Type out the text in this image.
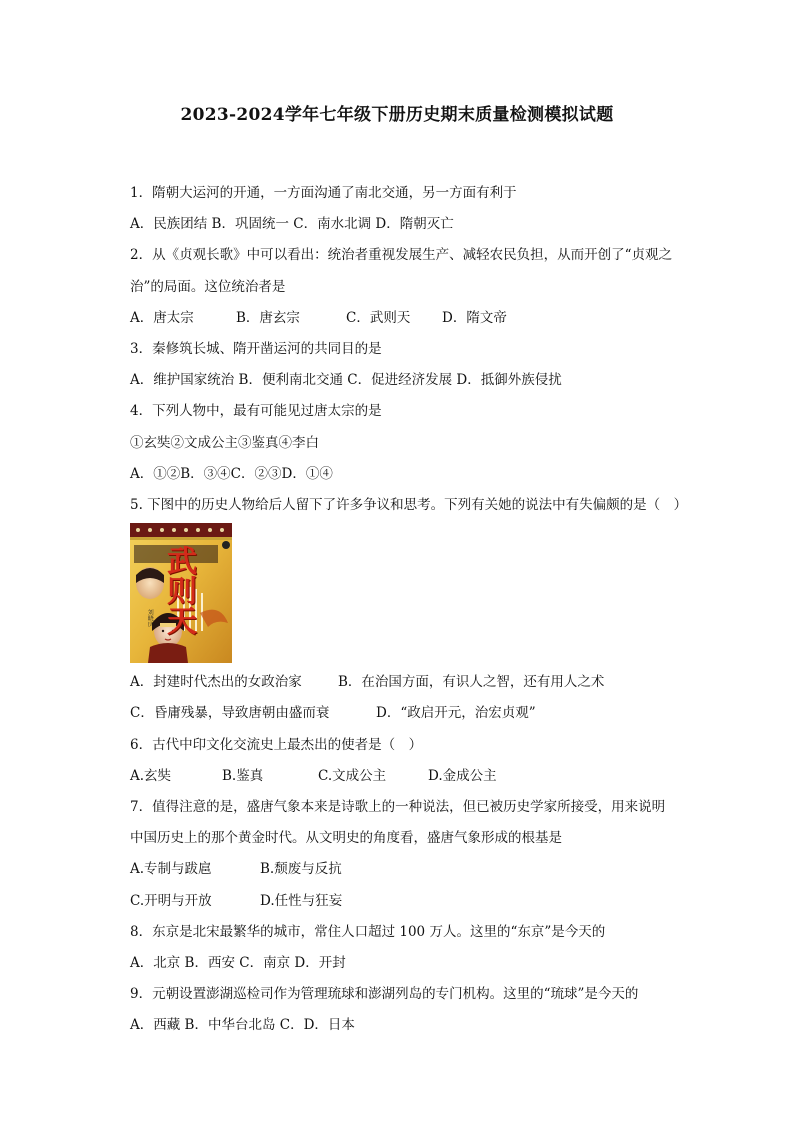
2023-2024学年七年级下册历史期末质量检测模拟试题
1．隋朝大运河的开通，一方面沟通了南北交通，另一方面有利于
A．民族团结 B．巩固统一 C．南水北调 D．隋朝灭亡
2．从《贞观长歌》中可以看出：统治者重视发展生产、减轻农民负担，从而开创了“贞观之
治”的局面。这位统治者是
A．唐太宗	B．唐玄宗	C．武则天 D．隋文帝
3．秦修筑长城、隋开凿运河的共同目的是
A．维护国家统治 B．便利南北交通 C．促进经济发展 D．抵御外族侵扰
4．下列人物中，最有可能见过唐太宗的是
①玄奘②文成公主③鉴真④李白
A．①②B．③④C．②③D．①④
5. 下图中的历史人物给后人留下了许多争议和思考。下列有关她的说法中有失偏颇的是（　）
武则天
刘晓庆
A．封建时代杰出的女政治家	B．在治国方面，有识人之智，还有用人之术
C．昏庸残暴，导致唐朝由盛而衰	D．“政启开元，治宏贞观”
6．古代中印文化交流史上最杰出的使者是（　）
A.玄奘	B.鉴真	C.文成公主	D.金成公主
7．值得注意的是，盛唐气象本来是诗歌上的一种说法，但已被历史学家所接受，用来说明
中国历史上的那个黄金时代。从文明史的角度看，盛唐气象形成的根基是
A.专制与跋扈	B.颓废与反抗
C.开明与开放	D.任性与狂妄
8．东京是北宋最繁华的城市，常住人口超过 100 万人。这里的“东京”是今天的
A．北京 B．西安 C．南京 D．开封
9．元朝设置澎湖巡检司作为管理琉球和澎湖列岛的专门机构。这里的“琉球”是今天的
A．西藏 B．中华台北岛 C．D．日本
